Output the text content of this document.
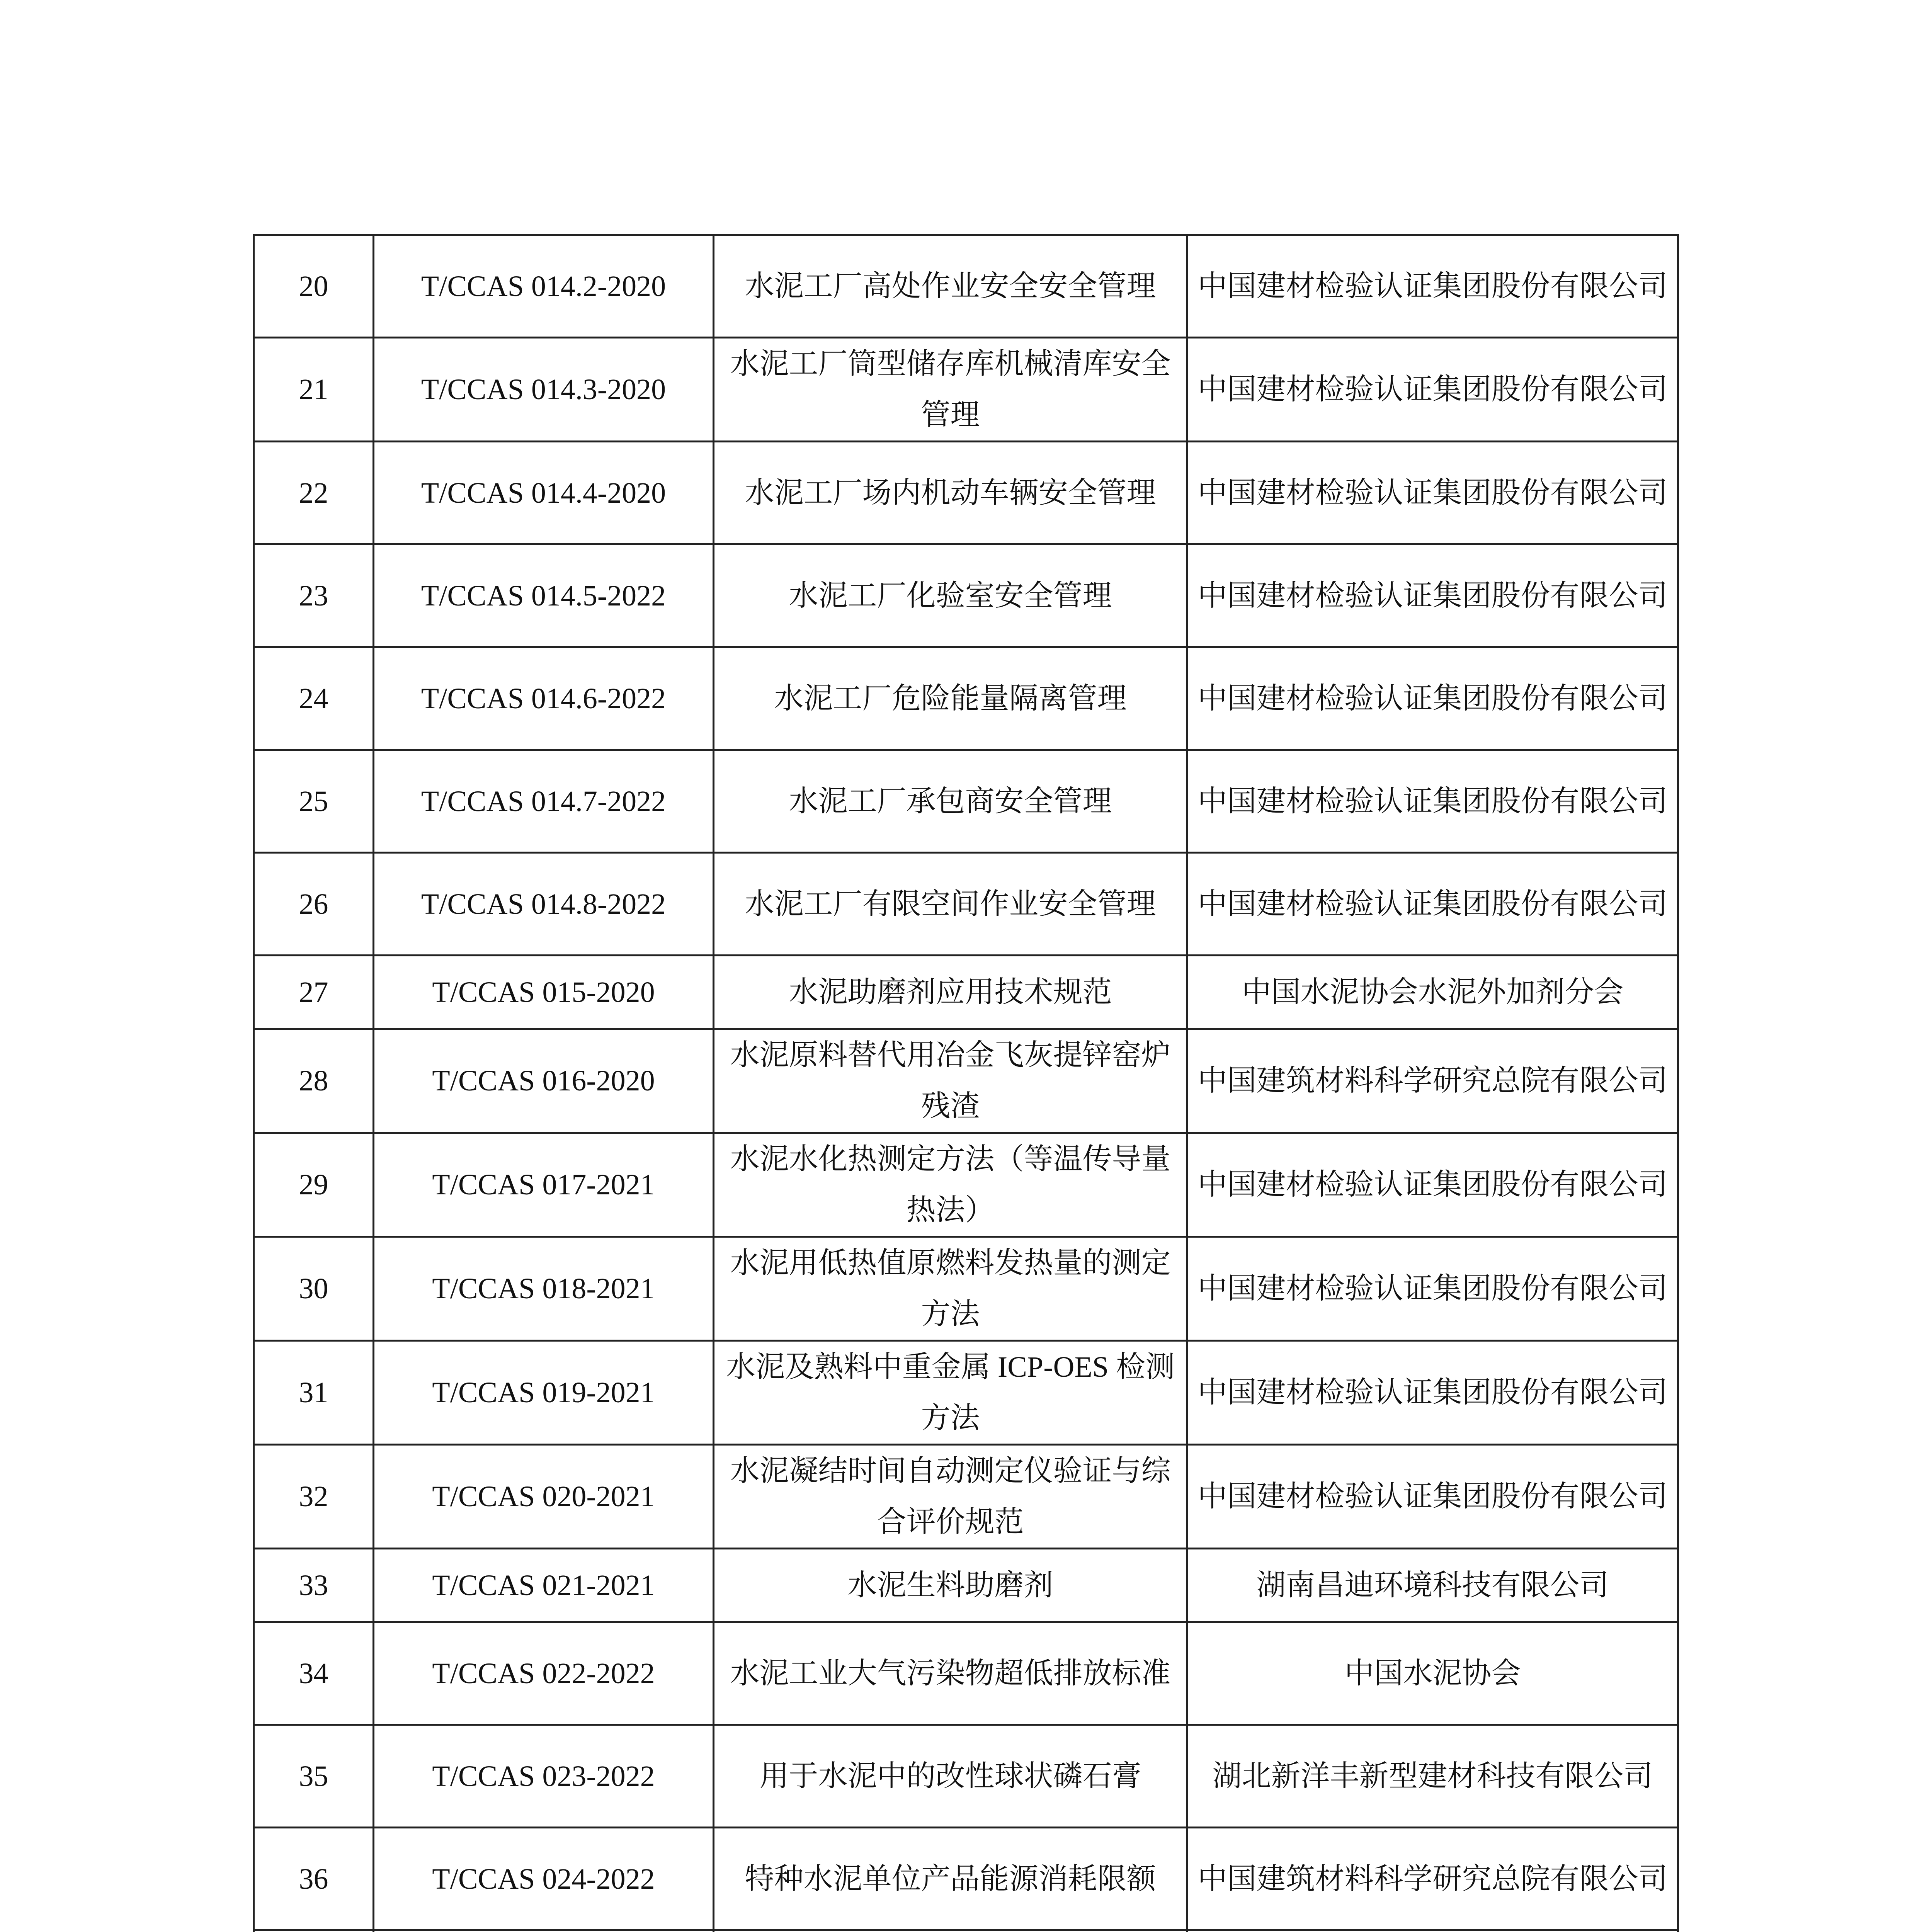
20	T/CCAS 014.2-2020	水泥工厂高处作业安全安全管理	中国建材检验认证集团股份有限公司
21	T/CCAS 014.3-2020	水泥工厂筒型储存库机械清库安全管理	中国建材检验认证集团股份有限公司
22	T/CCAS 014.4-2020	水泥工厂场内机动车辆安全管理	中国建材检验认证集团股份有限公司
23	T/CCAS 014.5-2022	水泥工厂化验室安全管理	中国建材检验认证集团股份有限公司
24	T/CCAS 014.6-2022	水泥工厂危险能量隔离管理	中国建材检验认证集团股份有限公司
25	T/CCAS 014.7-2022	水泥工厂承包商安全管理	中国建材检验认证集团股份有限公司
26	T/CCAS 014.8-2022	水泥工厂有限空间作业安全管理	中国建材检验认证集团股份有限公司
27	T/CCAS 015-2020	水泥助磨剂应用技术规范	中国水泥协会水泥外加剂分会
28	T/CCAS 016-2020	水泥原料替代用冶金飞灰提锌窑炉残渣	中国建筑材料科学研究总院有限公司
29	T/CCAS 017-2021	水泥水化热测定方法（等温传导量热法）	中国建材检验认证集团股份有限公司
30	T/CCAS 018-2021	水泥用低热值原燃料发热量的测定方法	中国建材检验认证集团股份有限公司
31	T/CCAS 019-2021	水泥及熟料中重金属 ICP-OES 检测方法	中国建材检验认证集团股份有限公司
32	T/CCAS 020-2021	水泥凝结时间自动测定仪验证与综合评价规范	中国建材检验认证集团股份有限公司
33	T/CCAS 021-2021	水泥生料助磨剂	湖南昌迪环境科技有限公司
34	T/CCAS 022-2022	水泥工业大气污染物超低排放标准	中国水泥协会
35	T/CCAS 023-2022	用于水泥中的改性球状磷石膏	湖北新洋丰新型建材科技有限公司
36	T/CCAS 024-2022	特种水泥单位产品能源消耗限额	中国建筑材料科学研究总院有限公司
